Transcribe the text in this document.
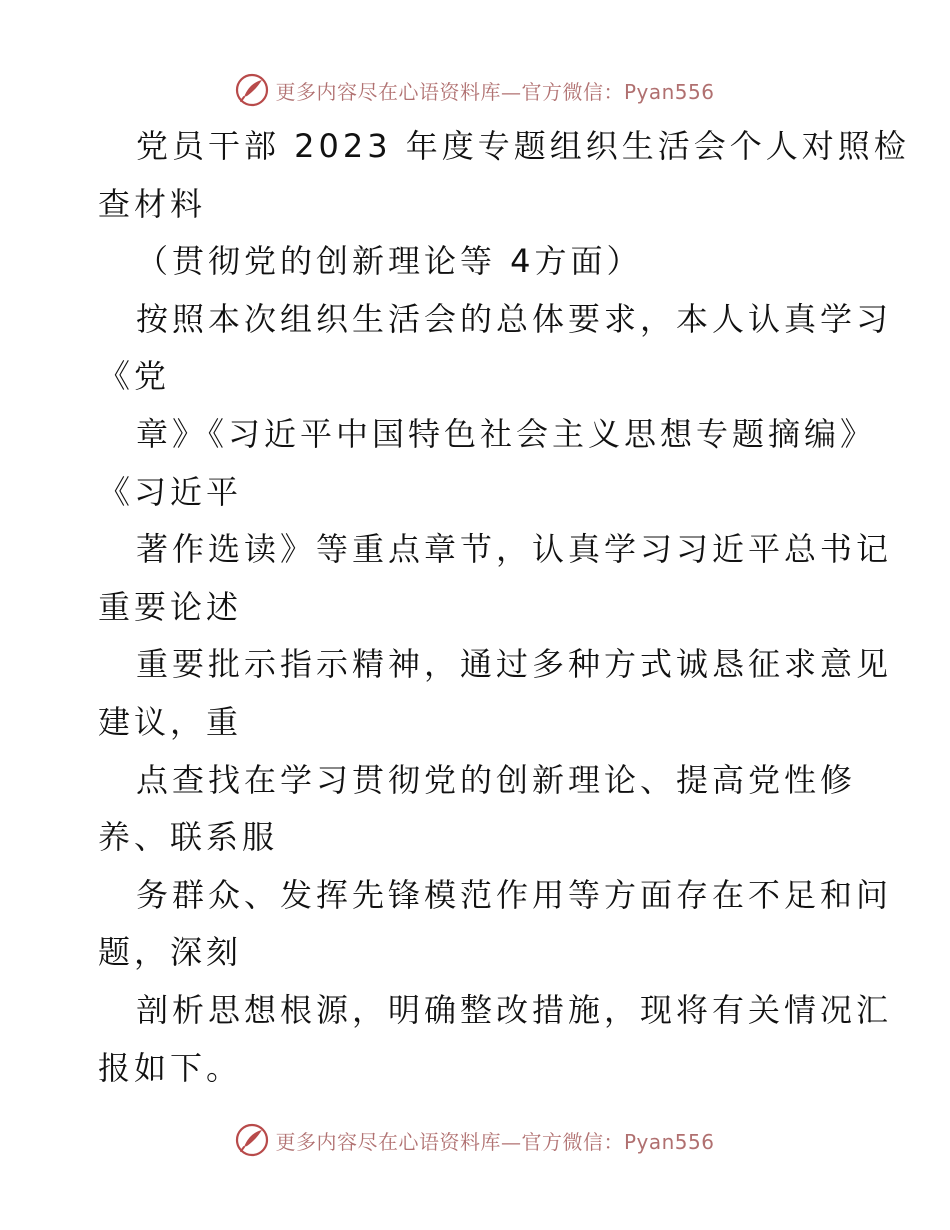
更多内容尽在心语资料库—官方微信：Pyan556
党员干部 2023 年度专题组织生活会个人对照检
查材料
（贯彻党的创新理论等 4方面）
按照本次组织生活会的总体要求，本人认真学习
《党
章》《习近平中国特色社会主义思想专题摘编》
《习近平
著作选读》等重点章节，认真学习习近平总书记
重要论述
重要批示指示精神，通过多种方式诚恳征求意见
建议，重
点查找在学习贯彻党的创新理论、提高党性修
养、联系服
务群众、发挥先锋模范作用等方面存在不足和问
题，深刻
剖析思想根源，明确整改措施，现将有关情况汇
报如下。
更多内容尽在心语资料库—官方微信：Pyan556
